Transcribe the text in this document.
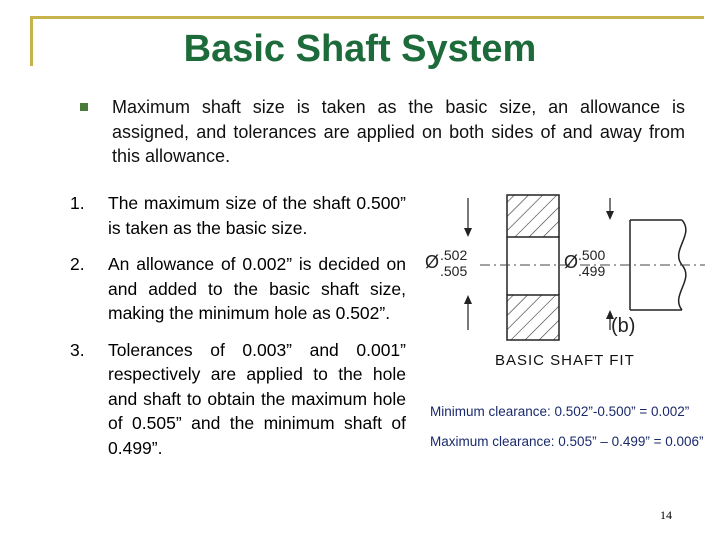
Basic Shaft System
Maximum shaft size is taken as the basic size, an allowance is assigned, and tolerances are applied on both sides of and away from this allowance.
1.	The maximum size of the shaft 0.500” is taken as the basic size.
2.	An allowance of 0.002” is decided on and added to the basic shaft size, making the minimum hole as 0.502”.
3.	Tolerances of 0.003” and 0.001” respectively are applied to the hole and shaft to obtain the maximum hole of 0.505” and the minimum shaft of 0.499”.
Ø .502
.505	Ø .500
.499
(b)
BASIC SHAFT FIT
Minimum clearance: 0.502”-0.500” = 0.002”
Maximum clearance: 0.505” – 0.499” = 0.006”
14
